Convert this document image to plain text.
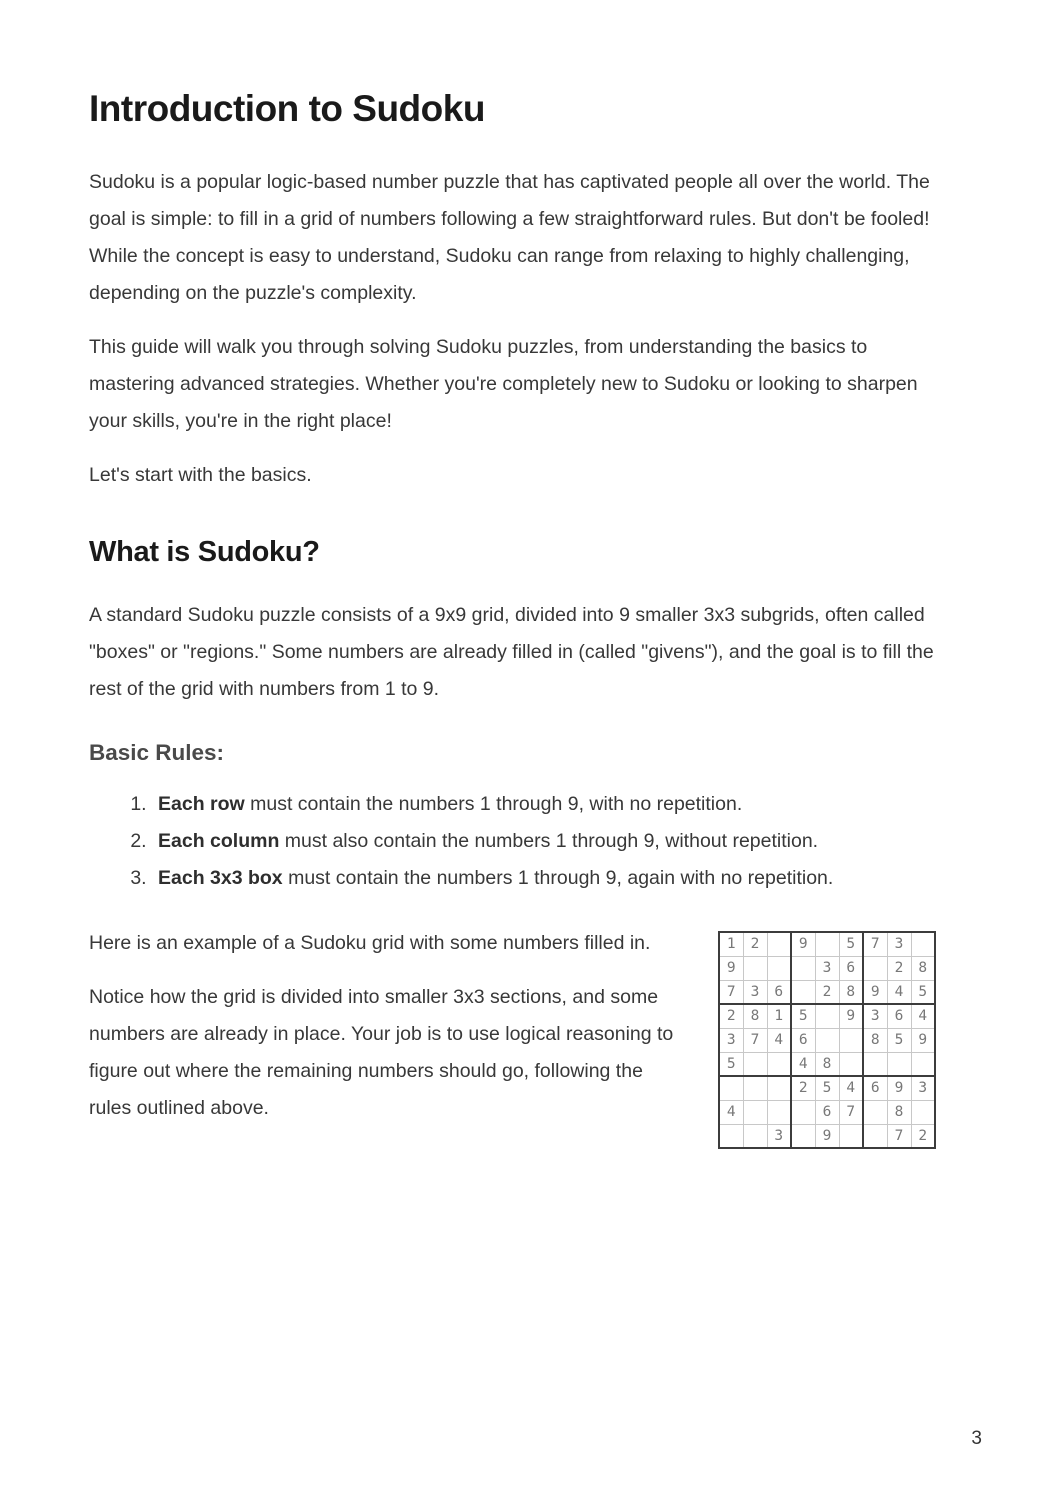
Introduction to Sudoku

Sudoku is a popular logic-based number puzzle that has captivated people all over the world. The goal is simple: to fill in a grid of numbers following a few straightforward rules. But don't be fooled! While the concept is easy to understand, Sudoku can range from relaxing to highly challenging, depending on the puzzle's complexity.

This guide will walk you through solving Sudoku puzzles, from understanding the basics to mastering advanced strategies. Whether you're completely new to Sudoku or looking to sharpen your skills, you're in the right place!

Let's start with the basics.

What is Sudoku?

A standard Sudoku puzzle consists of a 9x9 grid, divided into 9 smaller 3x3 subgrids, often called "boxes" or "regions." Some numbers are already filled in (called "givens"), and the goal is to fill the rest of the grid with numbers from 1 to 9.

Basic Rules:
1. Each row must contain the numbers 1 through 9, with no repetition.
2. Each column must also contain the numbers 1 through 9, without repetition.
3. Each 3x3 box must contain the numbers 1 through 9, again with no repetition.

Here is an example of a Sudoku grid with some numbers filled in.

Notice how the grid is divided into smaller 3x3 sections, and some numbers are already in place. Your job is to use logical reasoning to figure out where the remaining numbers should go, following the rules outlined above.

1	2		9		5	7	3	
9				3	6		2	8
7	3	6		2	8	9	4	5
2	8	1	5		9	3	6	4
3	7	4	6			8	5	9
5			4	8				
			2	5	4	6	9	3
4				6	7		8	
		3		9			7	2
3
